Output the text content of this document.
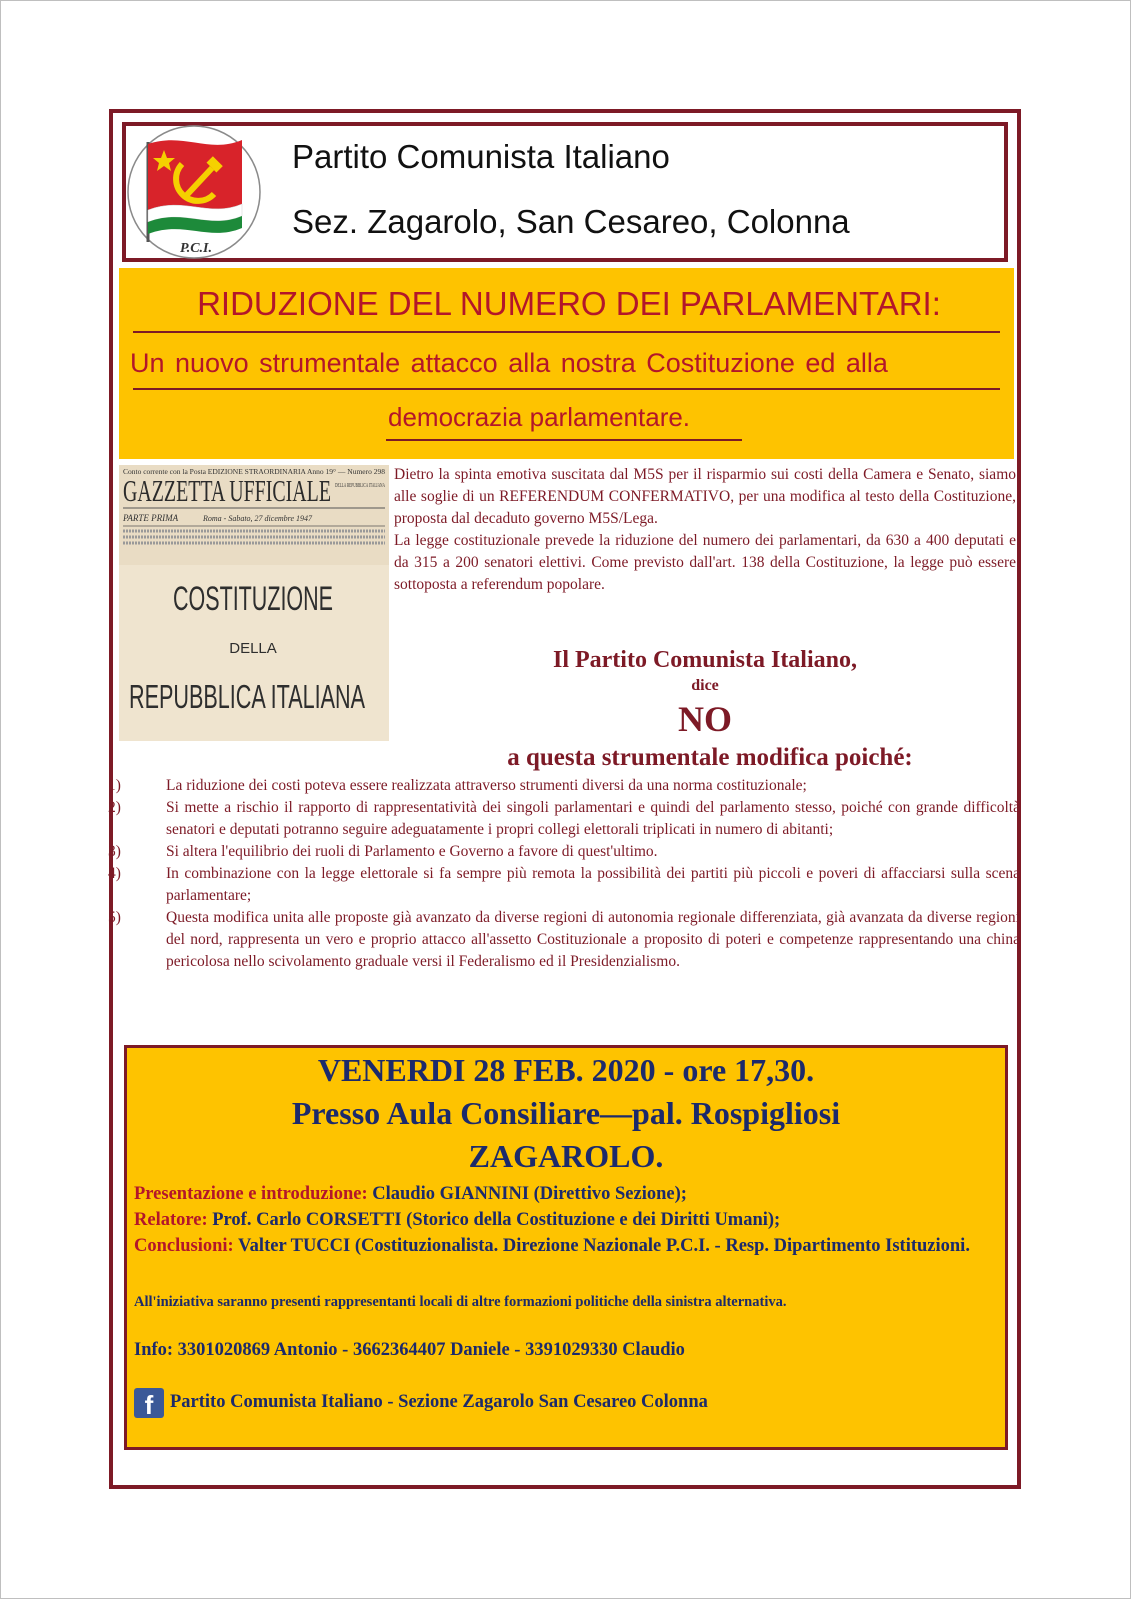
P.C.I.
Partito Comunista Italiano
Sez. Zagarolo, San Cesareo, Colonna
RIDUZIONE DEL NUMERO DEI PARLAMENTARI:
Un nuovo strumentale attacco alla nostra Costituzione ed alla
democrazia parlamentare.
Conto corrente con la Posta EDIZIONE STRAORDINARIA Anno 19° — Numero 298
GAZZETTA UFFICIALE DELLA REPUBBLICA ITALIANA
PARTE PRIMA	Roma - Sabato, 27 dicembre 1947
COSTITUZIONE
DELLA
REPUBBLICA ITALIANA

Dietro la spinta emotiva suscitata dal M5S per il risparmio sui costi della Camera e Senato, siamo alle soglie di un REFERENDUM CONFERMATIVO, per una modifica al testo della Costituzione, proposta dal decaduto governo M5S/Lega.

La legge costituzionale prevede la riduzione del numero dei parlamentari, da 630 a 400 deputati e da 315 a 200 senatori elettivi. Come previsto dall'art. 138 della Costituzione, la legge può essere sottoposta a referendum popolare.

Il Partito Comunista Italiano,
dice
NO
a questa strumentale modifica poiché:
1)	La riduzione dei costi poteva essere realizzata attraverso strumenti diversi da una norma costituzionale;
2)	Si mette a rischio il rapporto di rappresentatività dei singoli parlamentari e quindi del parlamento stesso, poiché con grande difficoltà senatori e deputati potranno seguire adeguatamente i propri collegi elettorali triplicati in numero di abitanti;
3)	Si altera l'equilibrio dei ruoli di Parlamento e Governo a favore di quest'ultimo.
4)	In combinazione con la legge elettorale si fa sempre più remota la possibilità dei partiti più piccoli e poveri di affacciarsi sulla scena parlamentare;
5)	Questa modifica unita alle proposte già avanzato da diverse regioni di autonomia regionale differenziata, già avanzata da diverse regioni del nord, rappresenta un vero e proprio attacco all'assetto Costituzionale a proposito di poteri e competenze rappresentando una china pericolosa nello scivolamento graduale versi il Federalismo ed il Presidenzialismo.
VENERDI 28 FEB. 2020 - ore 17,30.
Presso Aula Consiliare—pal. Rospigliosi
ZAGAROLO.
Presentazione e introduzione: Claudio GIANNINI (Direttivo Sezione);
Relatore: Prof. Carlo CORSETTI (Storico della Costituzione e dei Diritti Umani);
Conclusioni: Valter TUCCI (Costituzionalista. Direzione Nazionale P.C.I. - Resp. Dipartimento Istituzioni.
All'iniziativa saranno presenti rappresentanti locali di altre formazioni politiche della sinistra alternativa.
Info: 3301020869 Antonio - 3662364407 Daniele - 3391029330 Claudio
f Partito Comunista Italiano - Sezione Zagarolo San Cesareo Colonna
